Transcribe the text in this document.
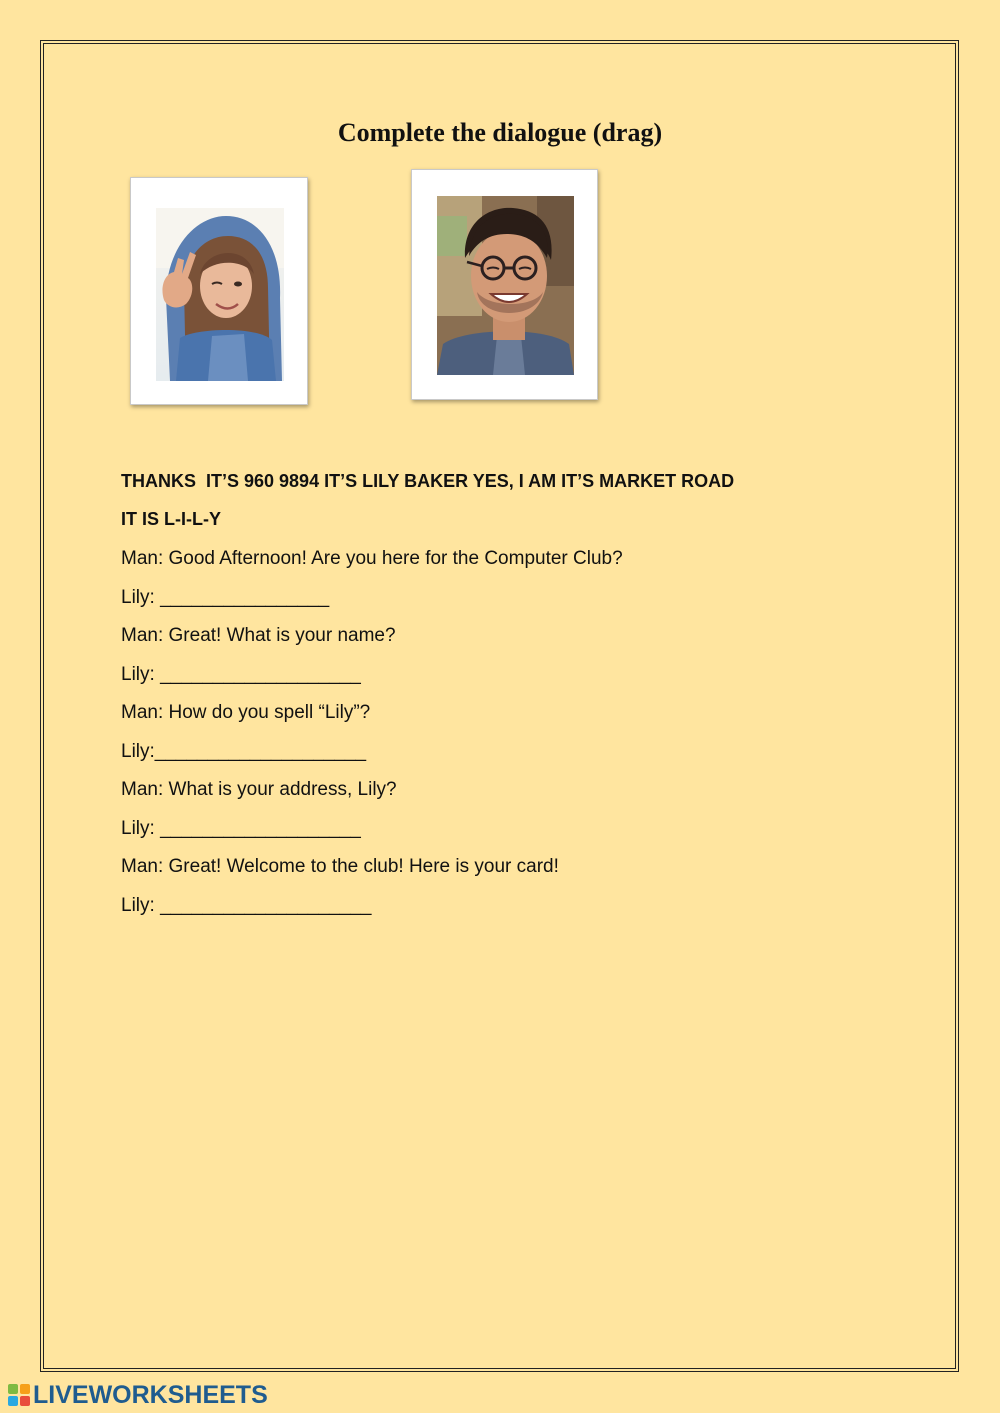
Complete the dialogue (drag)
THANKS  IT’S 960 9894 IT’S LILY BAKER YES, I AM IT’S MARKET ROAD
IT IS L-I-L-Y
Man: Good Afternoon! Are you here for the Computer Club?
Lily: ________________
Man: Great! What is your name?
Lily: ___________________
Man: How do you spell “Lily”?
Lily:____________________
Man: What is your address, Lily?
Lily: ___________________
Man: Great! Welcome to the club! Here is your card!
Lily: ____________________
LIVEWORKSHEETS
